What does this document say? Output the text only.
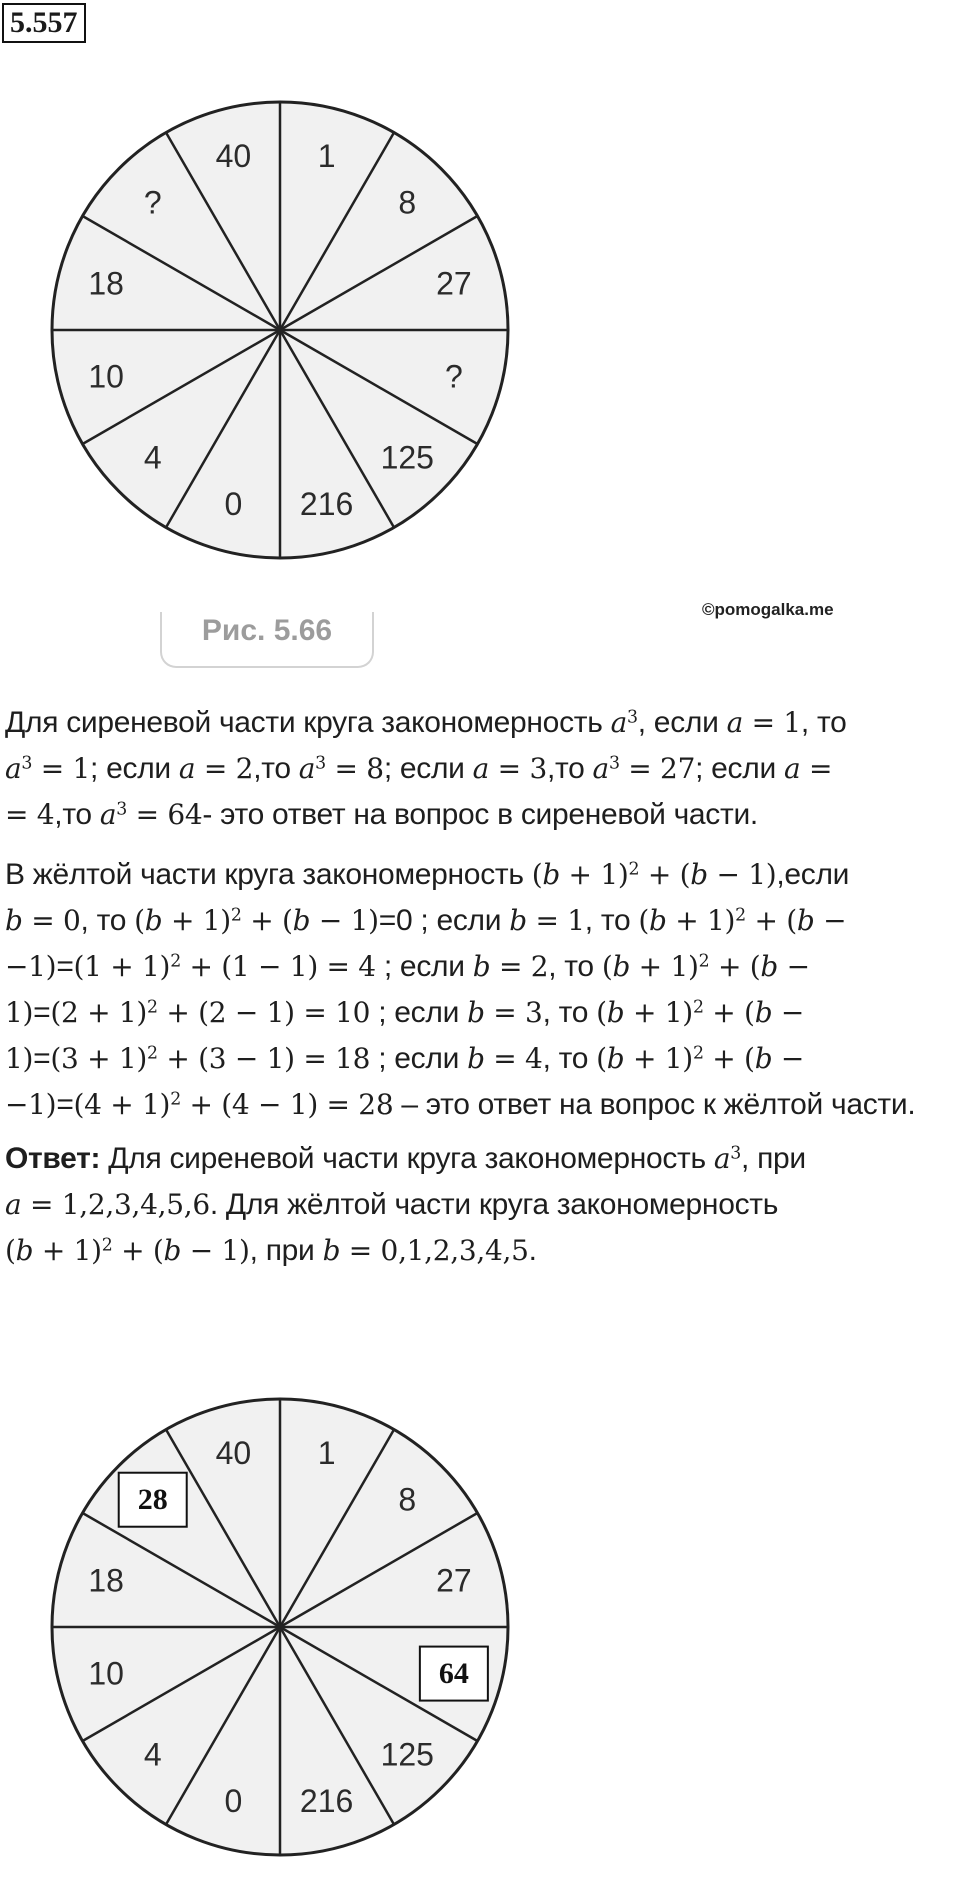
5.557
1
8
27
?
125
216
0
4
10
18
?
40
Рис. 5.66
©pomogalka.me

Для сиреневой части круга закономерность $a^3$, если a = 1, то
$a^3 = 1$; если a = 2,то $a^3 = 8$; если a = 3,то $a^3 = 27$; если a =
= 4,то $a^3 = 64-$ это ответ на вопрос в сиреневой части.

В жёлтой части круга закономерность $(b + 1)^2 + (b$ − 1),если
b = 0, то $(b + 1)^2 + (b - 1)=0$ ; если b = 1, то $(b + 1)^2 + (b$ −
$-1)=(1 + 1)^2 + (1 - 1) = 4$ ; если b = 2, то $(b + 1)^2 + (b$ −
$1)=(2 + 1)^2 + (2 - 1) = 10$ ; если b = 3, то $(b + 1)^2 + (b$ −
$1)=(3 + 1)^2 + (3 - 1) = 18$ ; если b = 4, то $(b + 1)^2 + (b$ −
$-1)=(4 + 1)^2 + (4 - 1) = 28$ – это ответ на вопрос к жёлтой части.

Ответ: Для сиреневой части круга закономерность $a^3$, при
a = 1,2,3,4,5,6. Для жёлтой части круга закономерность
$(b + 1)^2 + (b - 1)$, при b = 0,1,2,3,4,5.

1
8
27
64
125
216
0
4
10
18
28
40
